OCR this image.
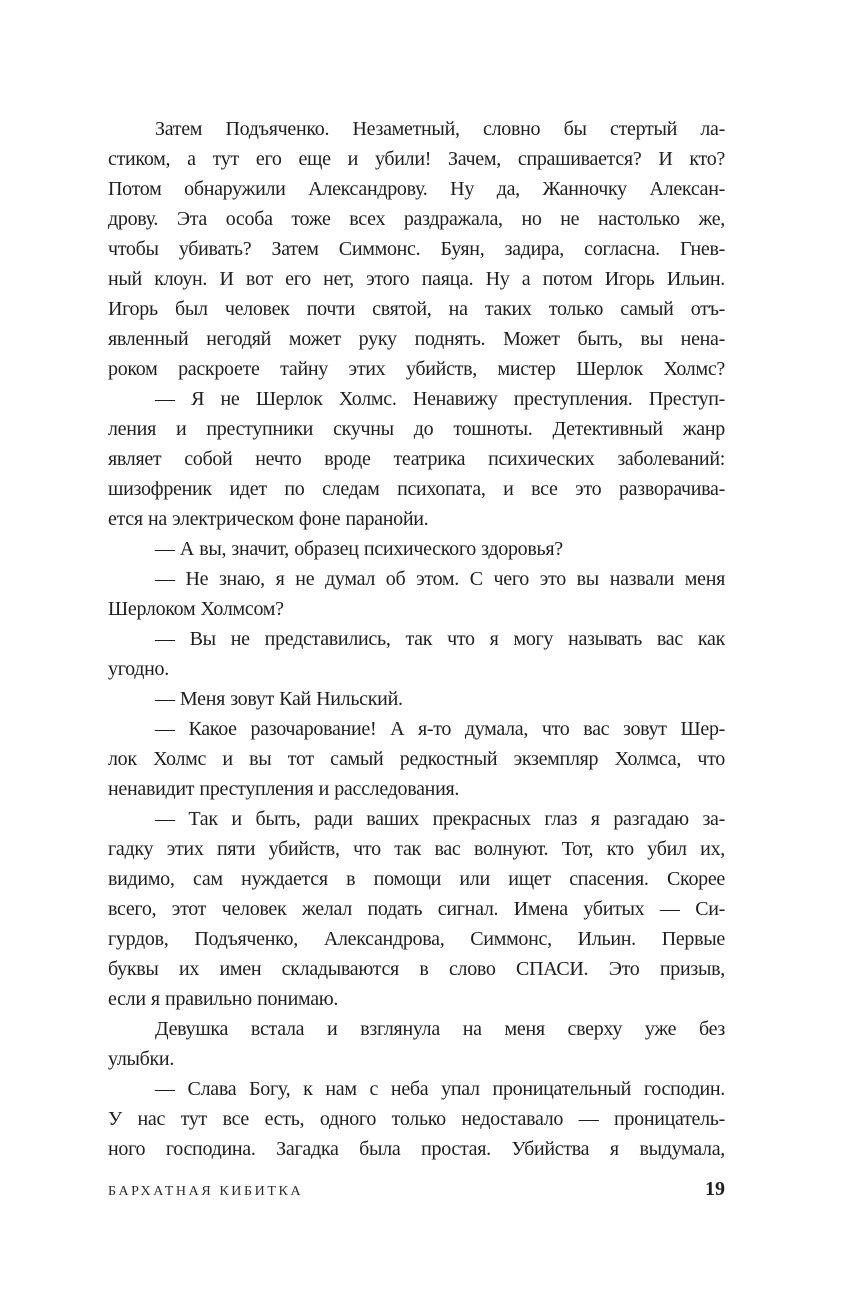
Затем Подъяченко. Незаметный, словно бы стертый ла-
стиком, а тут его еще и убили! Зачем, спрашивается? И кто?
Потом обнаружили Александрову. Ну да, Жанночку Алексан-
дрову. Эта особа тоже всех раздражала, но не настолько же,
чтобы убивать? Затем Симмонс. Буян, задира, согласна. Гнев-
ный клоун. И вот его нет, этого паяца. Ну а потом Игорь Ильин.
Игорь был человек почти святой, на таких только самый отъ-
явленный негодяй может руку поднять. Может быть, вы нена-
роком раскроете тайну этих убийств, мистер Шерлок Холмс?
— Я не Шерлок Холмс. Ненавижу преступления. Преступ-
ления и преступники скучны до тошноты. Детективный жанр
являет собой нечто вроде театрика психических заболеваний:
шизофреник идет по следам психопата, и все это разворачива-
ется на электрическом фоне паранойи.
— А вы, значит, образец психического здоровья?
— Не знаю, я не думал об этом. С чего это вы назвали меня
Шерлоком Холмсом?
— Вы не представились, так что я могу называть вас как
угодно.
— Меня зовут Кай Нильский.
— Какое разочарование! А я-то думала, что вас зовут Шер-
лок Холмс и вы тот самый редкостный экземпляр Холмса, что
ненавидит преступления и расследования.
— Так и быть, ради ваших прекрасных глаз я разгадаю за-
гадку этих пяти убийств, что так вас волнуют. Тот, кто убил их,
видимо, сам нуждается в помощи или ищет спасения. Скорее
всего, этот человек желал подать сигнал. Имена убитых — Си-
гурдов, Подъяченко, Александрова, Симмонс, Ильин. Первые
буквы их имен складываются в слово СПАСИ. Это призыв,
если я правильно понимаю.
Девушка встала и взглянула на меня сверху уже без
улыбки.
— Слава Богу, к нам с неба упал проницательный господин.
У нас тут все есть, одного только недоставало — проницатель-
ного господина. Загадка была простая. Убийства я выдумала,
БАРХАТНАЯ КИБИТКА	19
